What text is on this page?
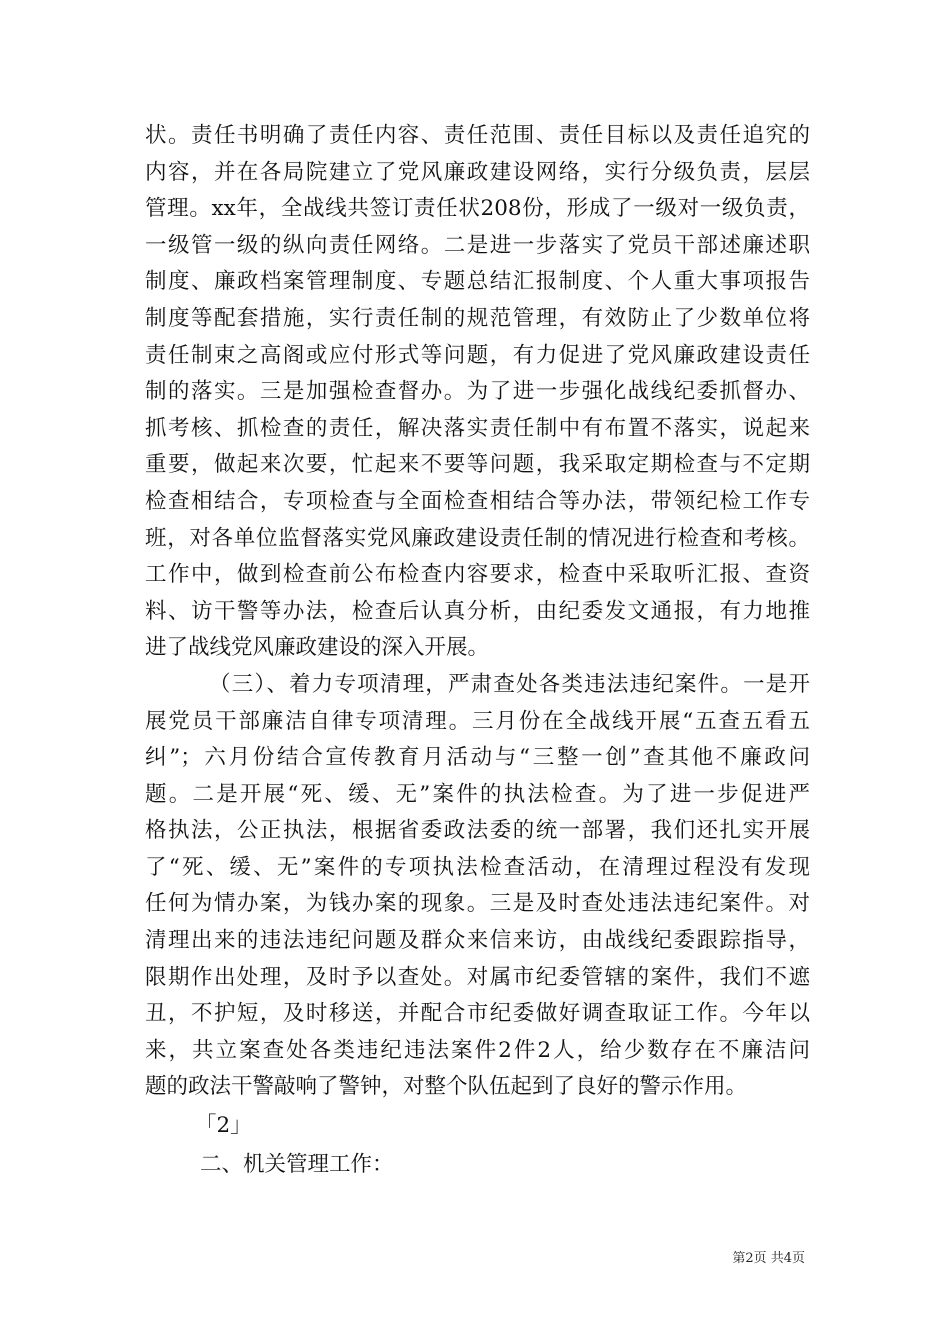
状。责任书明确了责任内容、责任范围、责任目标以及责任追究的
内容，并在各局院建立了党风廉政建设网络，实行分级负责，层层
管理。xx年，全战线共签订责任状208份，形成了一级对一级负责，
一级管一级的纵向责任网络。二是进一步落实了党员干部述廉述职
制度、廉政档案管理制度、专题总结汇报制度、个人重大事项报告
制度等配套措施，实行责任制的规范管理，有效防止了少数单位将
责任制束之高阁或应付形式等问题，有力促进了党风廉政建设责任
制的落实。三是加强检查督办。为了进一步强化战线纪委抓督办、
抓考核、抓检查的责任，解决落实责任制中有布置不落实，说起来
重要，做起来次要，忙起来不要等问题，我采取定期检查与不定期
检查相结合，专项检查与全面检查相结合等办法，带领纪检工作专
班，对各单位监督落实党风廉政建设责任制的情况进行检查和考核。
工作中，做到检查前公布检查内容要求，检查中采取听汇报、查资
料、访干警等办法，检查后认真分析，由纪委发文通报，有力地推
进了战线党风廉政建设的深入开展。
（三）、着力专项清理，严肃查处各类违法违纪案件。一是开
展党员干部廉洁自律专项清理。三月份在全战线开展“五查五看五
纠”；六月份结合宣传教育月活动与“三整一创”查其他不廉政问
题。二是开展“死、缓、无”案件的执法检查。为了进一步促进严
格执法，公正执法，根据省委政法委的统一部署，我们还扎实开展
了“死、缓、无”案件的专项执法检查活动，在清理过程没有发现
任何为情办案，为钱办案的现象。三是及时查处违法违纪案件。对
清理出来的违法违纪问题及群众来信来访，由战线纪委跟踪指导，
限期作出处理，及时予以查处。对属市纪委管辖的案件，我们不遮
丑，不护短，及时移送，并配合市纪委做好调查取证工作。今年以
来，共立案查处各类违纪违法案件2件2人，给少数存在不廉洁问
题的政法干警敲响了警钟，对整个队伍起到了良好的警示作用。
「2」
二、机关管理工作：
第2页 共4页
